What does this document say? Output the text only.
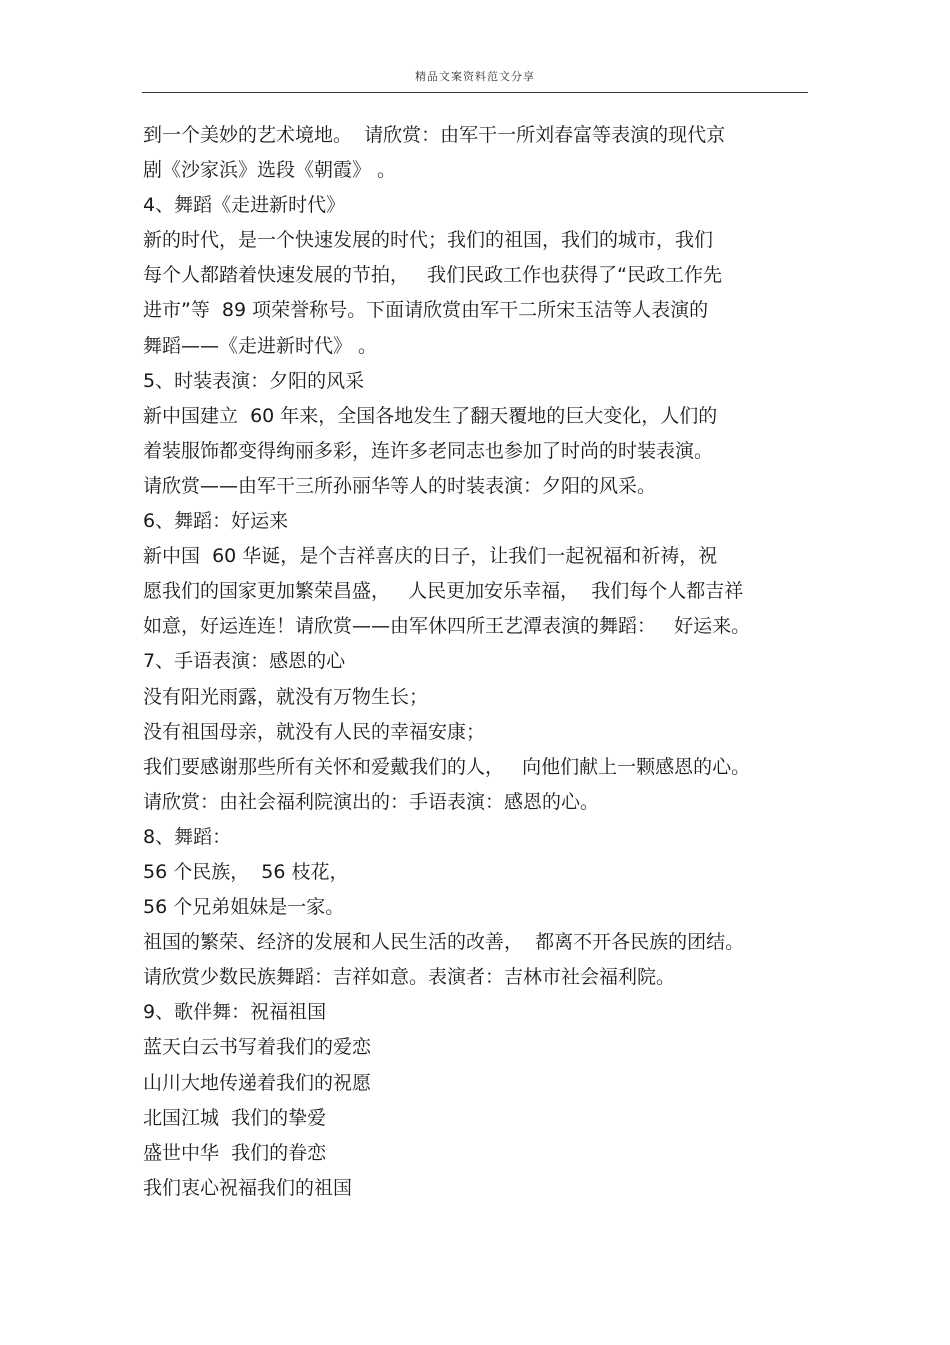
精品文案资料范文分享

到一个美妙的艺术境地。  请欣赏：由军干一所刘春富等表演的现代京

剧《沙家浜》选段《朝霞》 。

4、舞蹈《走进新时代》

新的时代，是一个快速发展的时代；我们的祖国，我们的城市，我们

每个人都踏着快速发展的节拍，   我们民政工作也获得了“民政工作先

进市”等  89 项荣誉称号。下面请欣赏由军干二所宋玉洁等人表演的

舞蹈——《走进新时代》 。

5、时装表演：夕阳的风采

新中国建立  60 年来，全国各地发生了翻天覆地的巨大变化，人们的

着装服饰都变得绚丽多彩，连许多老同志也参加了时尚的时装表演。

请欣赏——由军干三所孙丽华等人的时装表演：夕阳的风采。

6、舞蹈：好运来

新中国  60 华诞，是个吉祥喜庆的日子，让我们一起祝福和祈祷，祝

愿我们的国家更加繁荣昌盛，   人民更加安乐幸福，  我们每个人都吉祥

如意，好运连连！请欣赏——由军休四所王艺潭表演的舞蹈：   好运来。

7、手语表演：感恩的心

没有阳光雨露，就没有万物生长；

没有祖国母亲，就没有人民的幸福安康；

我们要感谢那些所有关怀和爱戴我们的人，   向他们献上一颗感恩的心。

请欣赏：由社会福利院演出的：手语表演：感恩的心。

8、舞蹈：

56 个民族，  56 枝花，

56 个兄弟姐妹是一家。

祖国的繁荣、经济的发展和人民生活的改善，  都离不开各民族的团结。

请欣赏少数民族舞蹈：吉祥如意。表演者：吉林市社会福利院。

9、歌伴舞：祝福祖国

蓝天白云书写着我们的爱恋

山川大地传递着我们的祝愿

北国江城  我们的挚爱

盛世中华  我们的眷恋

我们衷心祝福我们的祖国
